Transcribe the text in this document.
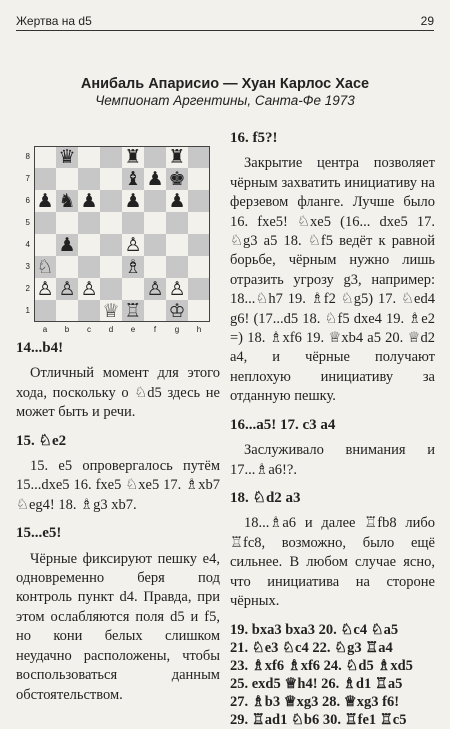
Жертва на d5	29
Анибаль Апарисио — Хуан Карлос Хасе
Чемпионат Аргентины, Санта-Фе 1973
♛	♜ ♜
8
♝ ♟ ♚
7
♟ ♞ ♟ ♟ ♟
6
5
♟	♙
4
♘	♗
3
♙ ♙ ♙	♙ ♙
2
♕ ♖ ♔
1
a	b	c	d	e	f	g	h

14...b4!

Отличный момент для этого хода, поскольку о ♘d5 здесь не может быть и речи.

15. ♘e2

15. e5 опровергалось путём 15...dxe5 16. fxe5 ♘xe5 17. ♗xb7 ♘eg4! 18. ♗g3 xb7.

15...e5!

Чёрные фиксируют пешку е4, одновременно беря под контроль пункт d4. Правда, при этом ослабляются поля d5 и f5, но кони белых слишком неудачно расположены, чтобы воспользоваться данным обстоятельством.

16. f5?!

Закрытие центра позволяет чёрным захватить инициативу на ферзевом фланге. Лучше было 16. fxe5! ♘xe5 (16... dxe5 17. ♘g3 a5 18. ♘f5 ведёт к равной борьбе, чёрным нужно лишь отразить угрозу g3, например: 18...♘h7 19. ♗f2 ♘g5) 17. ♘ed4 g6! (17...d5 18. ♘f5 dxe4 19. ♗e2 =) 18. ♗xf6 19. ♕xb4 a5 20. ♕d2 a4, и чёрные получают неплохую инициативу за отданную пешку.

16...a5! 17. c3 a4

Заслуживало внимания и 17...♗a6!?.

18. ♘d2 a3

18...♗a6 и далее ♖fb8 либо ♖fc8, возможно, было ещё сильнее. В любом случае ясно, что инициатива на стороне чёрных.

19. bxa3 bxa3 20. ♘c4 ♘a5
21. ♘e3 ♘c4 22. ♘g3 ♖a4
23. ♗xf6 ♗xf6 24. ♘d5 ♗xd5
25. exd5 ♕h4! 26. ♗d1 ♖a5
27. ♗b3 ♕xg3 28. ♕xg3 f6!
29. ♖ad1 ♘b6 30. ♖fe1 ♖c5
